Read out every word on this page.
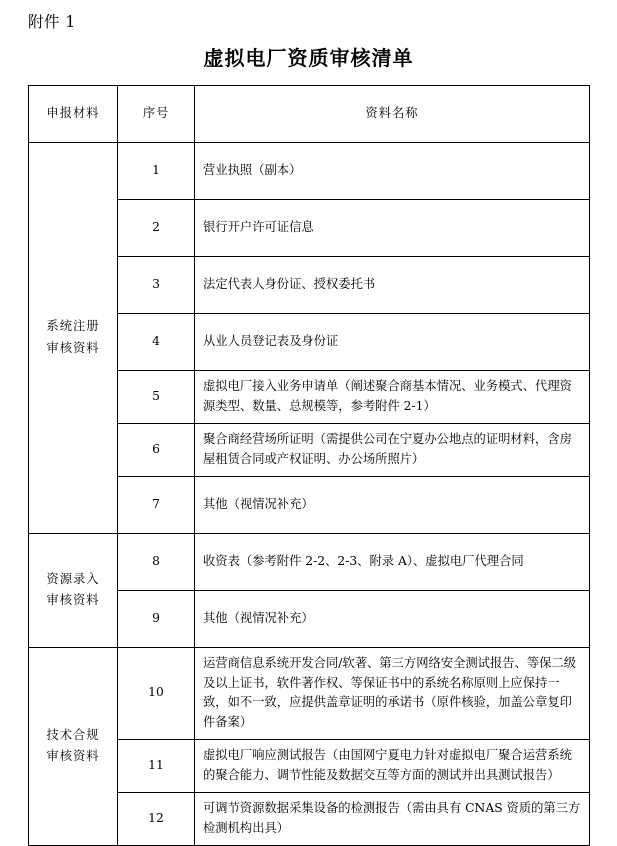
附件 1
虚拟电厂资质审核清单
申报材料	序号	资料名称

系统注册
审核资料	1	营业执照（副本）
	2	银行开户许可证信息
	3	法定代表人身份证、授权委托书
	4	从业人员登记表及身份证
	5	虚拟电厂接入业务申请单（阐述聚合商基本情况、业务模式、代理资源类型、数量、总规模等，参考附件 2-1）
	6	聚合商经营场所证明（需提供公司在宁夏办公地点的证明材料，含房屋租赁合同或产权证明、办公场所照片）
	7	其他（视情况补充）

资源录入
审核资料	8	收资表（参考附件 2-2、2-3、附录 A）、虚拟电厂代理合同
	9	其他（视情况补充）

技术合规
审核资料	10	运营商信息系统开发合同/软著、第三方网络安全测试报告、等保二级及以上证书，软件著作权、等保证书中的系统名称原则上应保持一致，如不一致，应提供盖章证明的承诺书（原件核验，加盖公章复印件备案）
	11	虚拟电厂响应测试报告（由国网宁夏电力针对虚拟电厂聚合运营系统的聚合能力、调节性能及数据交互等方面的测试并出具测试报告）
	12	可调节资源数据采集设备的检测报告（需由具有 CNAS 资质的第三方检测机构出具）
